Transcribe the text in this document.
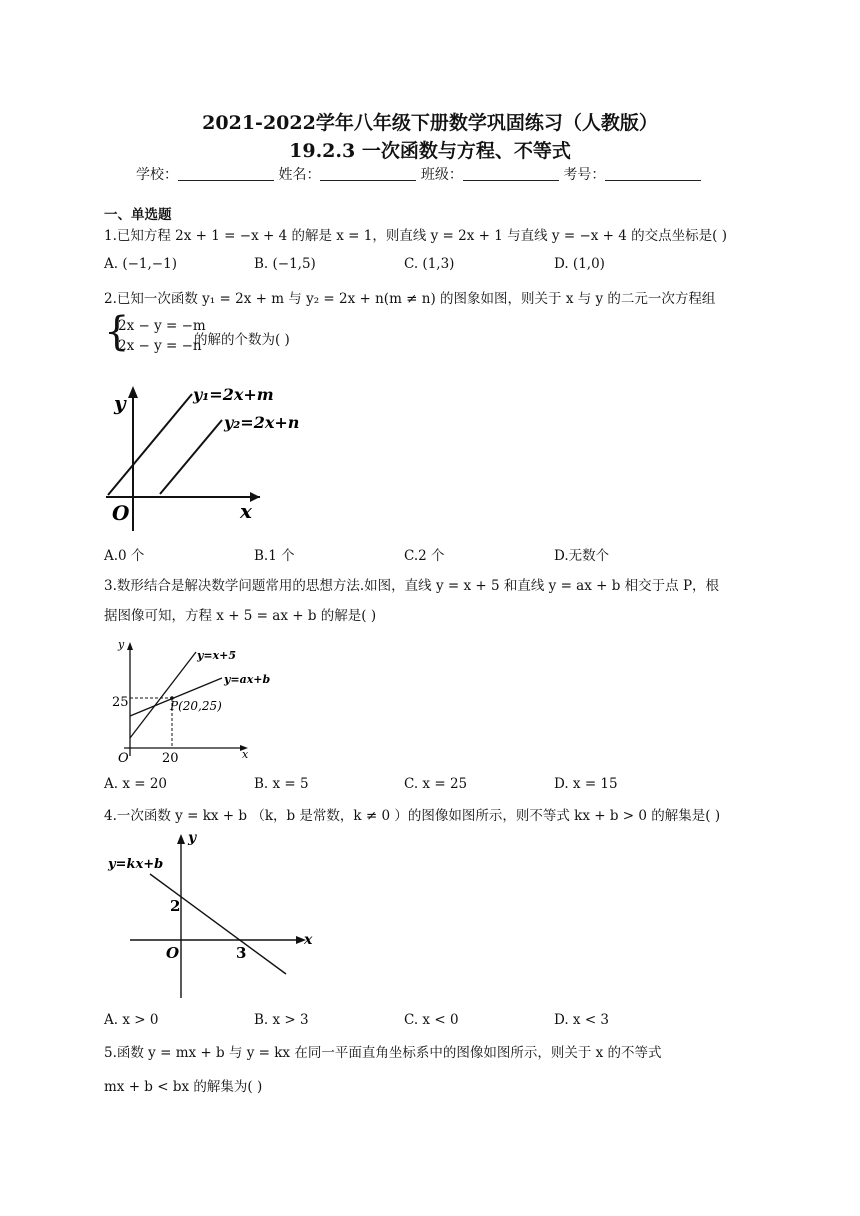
2021-2022学年八年级下册数学巩固练习（人教版）
19.2.3 一次函数与方程、不等式
学校：	姓名：	班级：	考号：
一、单选题
1.已知方程 2x + 1 = −x + 4 的解是 x = 1，则直线 y = 2x + 1 与直线 y = −x + 4 的交点坐标是( )
A. (−1,−1)	B. (−1,5)	C. (1,3)	D. (1,0)
2.已知一次函数 y₁ = 2x + m 与 y₂ = 2x + n(m ≠ n) 的图象如图，则关于 x 与 y 的二元一次方程组
{
2x − y = −m
2x − y = −n
的解的个数为( )
y
x
O
y₁=2x+m
y₂=2x+n
A.0 个	B.1 个	C.2 个	D.无数个
3.数形结合是解决数学问题常用的思想方法.如图，直线 y = x + 5 和直线 y = ax + b 相交于点 P，根
据图像可知，方程 x + 5 = ax + b 的解是( )
y
x
O
25
20
P(20,25)
y=x+5
y=ax+b
A. x = 20	B. x = 5	C. x = 25	D. x = 15
4.一次函数 y = kx + b （k，b 是常数，k ≠ 0 ）的图像如图所示，则不等式 kx + b > 0 的解集是( )
y
x
O
2
3
y=kx+b
A. x > 0	B. x > 3	C. x < 0	D. x < 3
5.函数 y = mx + b 与 y = kx 在同一平面直角坐标系中的图像如图所示，则关于 x 的不等式
mx + b < bx 的解集为( )
